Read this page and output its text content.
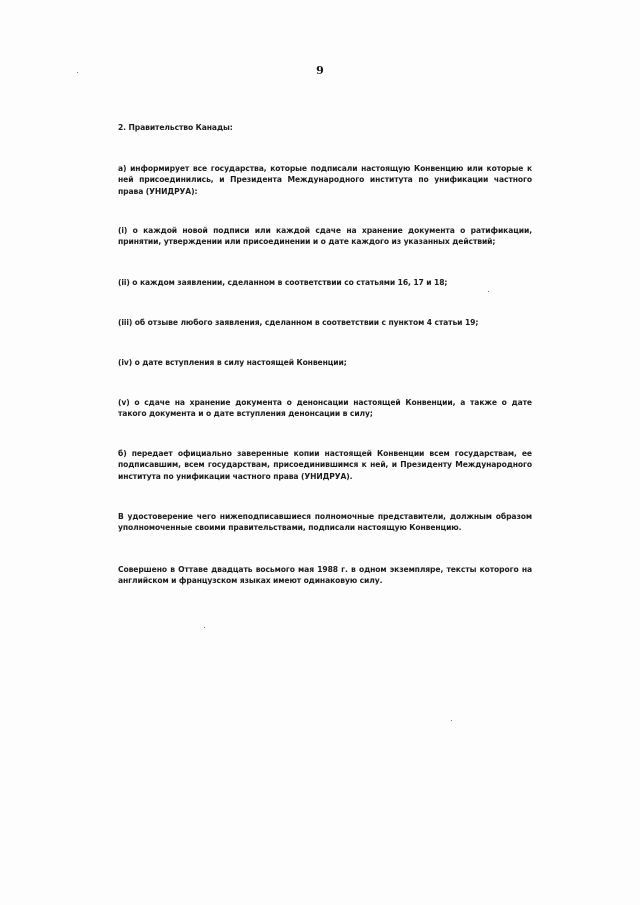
9

2. Правительство Канады:

а) информирует все государства, которые подписали настоящую Конвенцию или которые к ней присоединились, и Президента Международного института по унификации частного права (УНИДРУА):

(i) о каждой новой подписи или каждой сдаче на хранение документа о ратификации, принятии, утверждении или присоединении и о дате каждого из указанных действий;

(ii) о каждом заявлении, сделанном в соответствии со статьями 16, 17 и 18;

(iii) об отзыве любого заявления, сделанном в соответствии с пунктом 4 статьи 19;

(iv) о дате вступления в силу настоящей Конвенции;

(v) о сдаче на хранение документа о денонсации настоящей Конвенции, а также о дате такого документа и о дате вступления денонсации в силу;

б) передает официально заверенные копии настоящей Конвенции всем государствам, ее подписавшим, всем государствам, присоединившимся к ней, и Президенту Международного института по унификации частного права (УНИДРУА).

В удостоверение чего нижеподписавшиеся полномочные представители, должным образом уполномоченные своими правительствами, подписали настоящую Конвенцию.

Совершено в Оттаве двадцать восьмого мая 1988 г. в одном экземпляре, тексты которого на английском и французском языках имеют одинаковую силу.
